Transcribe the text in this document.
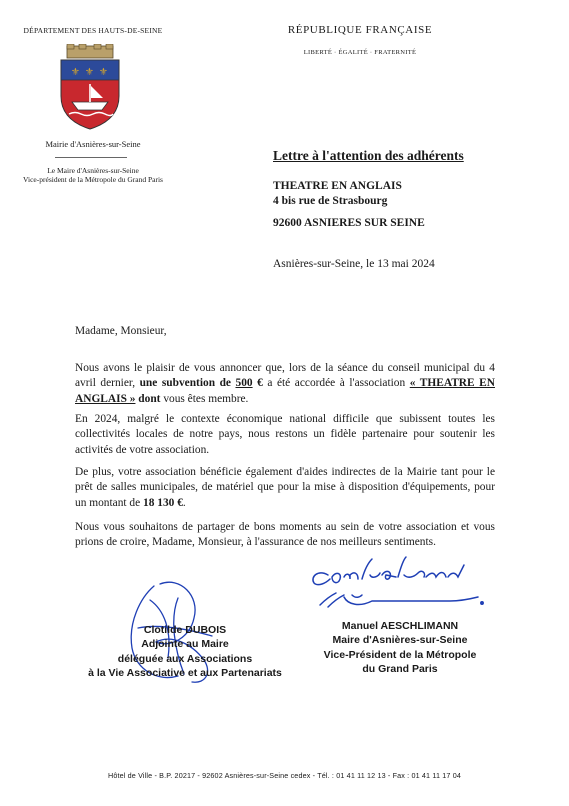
DÉPARTEMENT DES HAUTS-DE-SEINE
⚜ ⚜ ⚜
Mairie d'Asnières-sur-Seine
Le Maire d'Asnières-sur-Seine
Vice-président de la Métropole du Grand Paris
RÉPUBLIQUE FRANÇAISE
LIBERTÉ · ÉGALITÉ · FRATERNITÉ
Lettre à l'attention des adhérents
THEATRE EN ANGLAIS
4 bis rue de Strasbourg
92600 ASNIERES SUR SEINE
Asnières-sur-Seine, le 13 mai 2024
Madame, Monsieur,
Nous avons le plaisir de vous annoncer que, lors de la séance du conseil municipal du 4 avril dernier, une subvention de 500 € a été accordée à l'association « THEATRE EN ANGLAIS » dont vous êtes membre.
En 2024, malgré le contexte économique national difficile que subissent toutes les collectivités locales de notre pays, nous restons un fidèle partenaire pour soutenir les activités de votre association.
De plus, votre association bénéficie également d'aides indirectes de la Mairie tant pour le prêt de salles municipales, de matériel que pour la mise à disposition d'équipements, pour un montant de 18 130 €.
Nous vous souhaitons de partager de bons moments au sein de votre association et vous prions de croire, Madame, Monsieur, à l'assurance de nos meilleurs sentiments.
Clotilde DUBOIS
Adjointe au Maire
déléguée aux Associations
à la Vie Associative et aux Partenariats
Manuel AESCHLIMANN
Maire d'Asnières-sur-Seine
Vice-Président de la Métropole
du Grand Paris
Hôtel de Ville - B.P. 20217 - 92602 Asnières-sur-Seine cedex - Tél. : 01 41 11 12 13 - Fax : 01 41 11 17 04
